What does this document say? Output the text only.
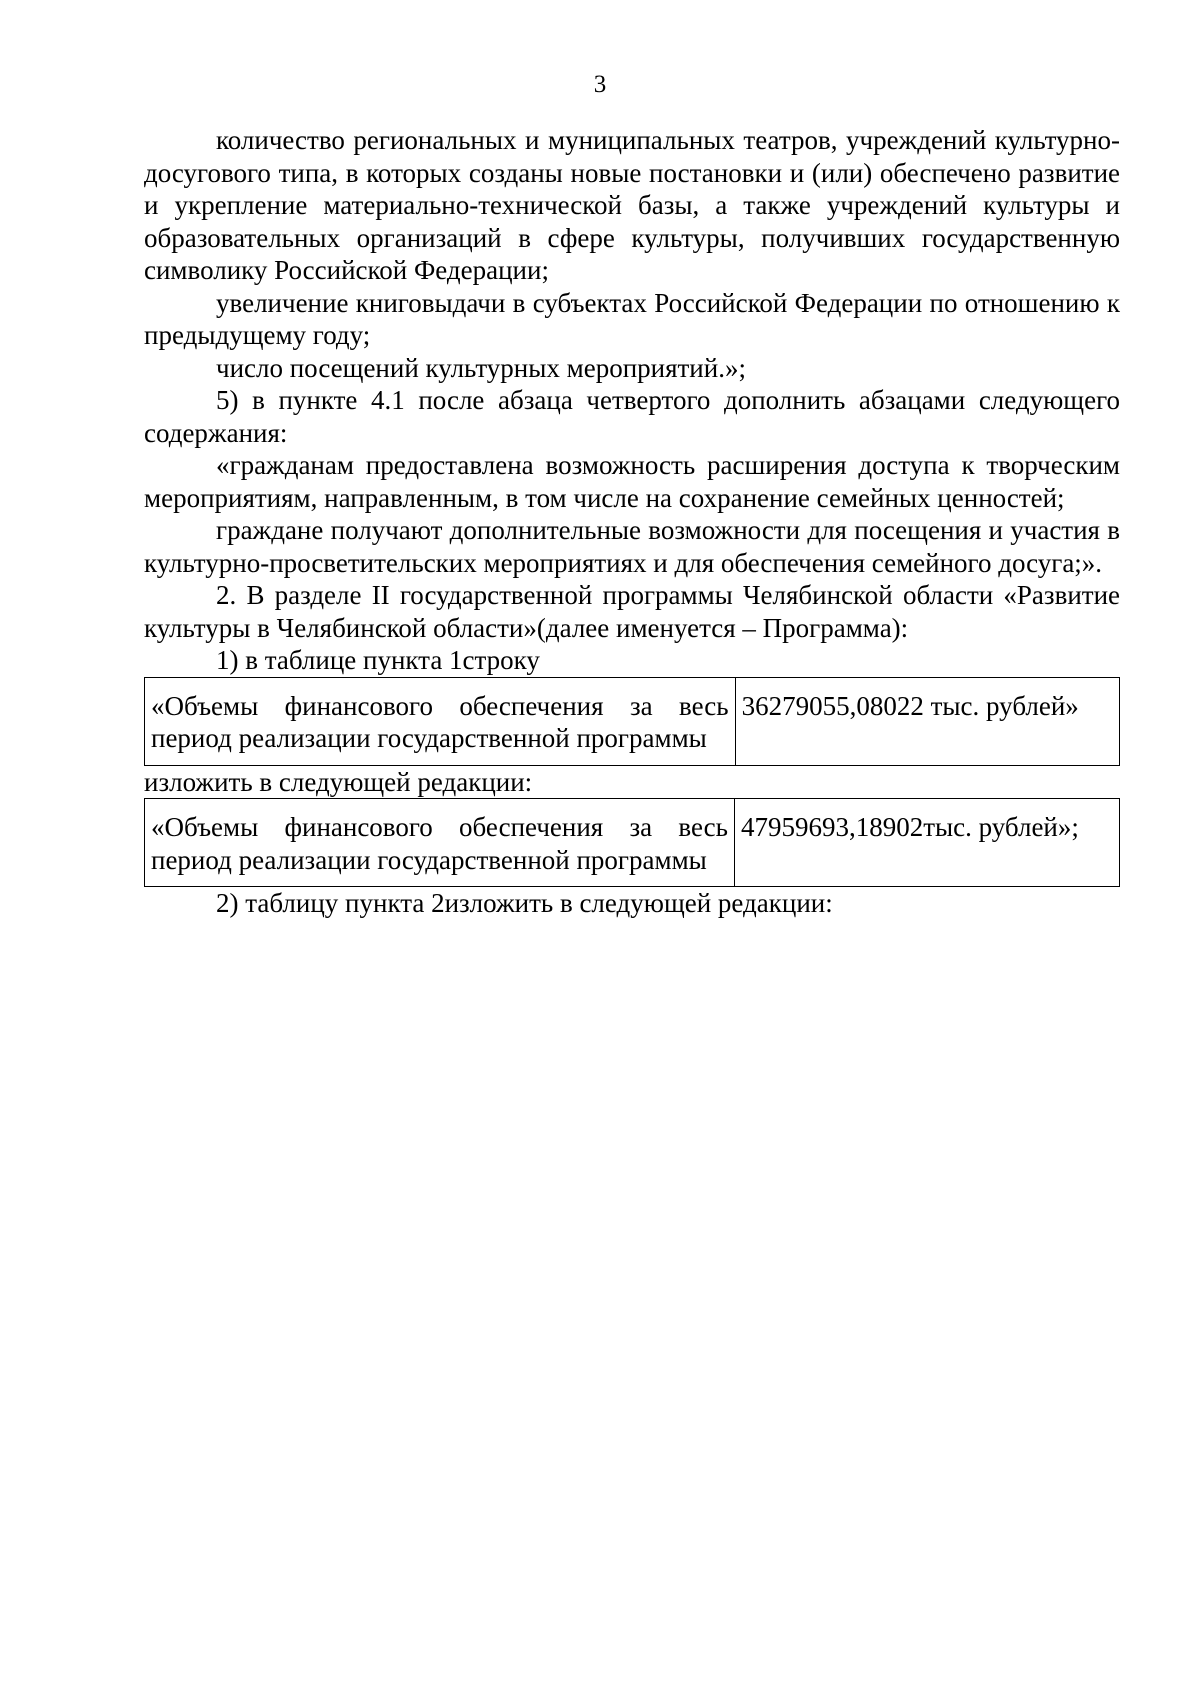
3

количество региональных и муниципальных театров, учреждений культурно-досугового типа, в которых созданы новые постановки и (или) обеспечено развитие и укрепление материально-технической базы, а также учреждений культуры и образовательных организаций в сфере культуры, получивших государственную символику Российской Федерации;

увеличение книговыдачи в субъектах Российской Федерации по отношению к предыдущему году;

число посещений культурных мероприятий.»;

5) в пункте 4.1 после абзаца четвертого дополнить абзацами следующего содержания:

«гражданам предоставлена возможность расширения доступа к творческим мероприятиям, направленным, в том числе на сохранение семейных ценностей;

граждане получают дополнительные возможности для посещения и участия в культурно-просветительских мероприятиях и для обеспечения семейного досуга;».

2. В разделе II государственной программы Челябинской области «Развитие культуры в Челябинской области»(далее именуется – Программа):

1) в таблице пункта 1строку

«Объемы финансового обеспечения за весь период реализации государственной программы	36279055,08022 тыс. рублей»

изложить в следующей редакции:

«Объемы финансового обеспечения за весь период реализации государственной программы	47959693,18902тыс. рублей»;

2) таблицу пункта 2изложить в следующей редакции:
